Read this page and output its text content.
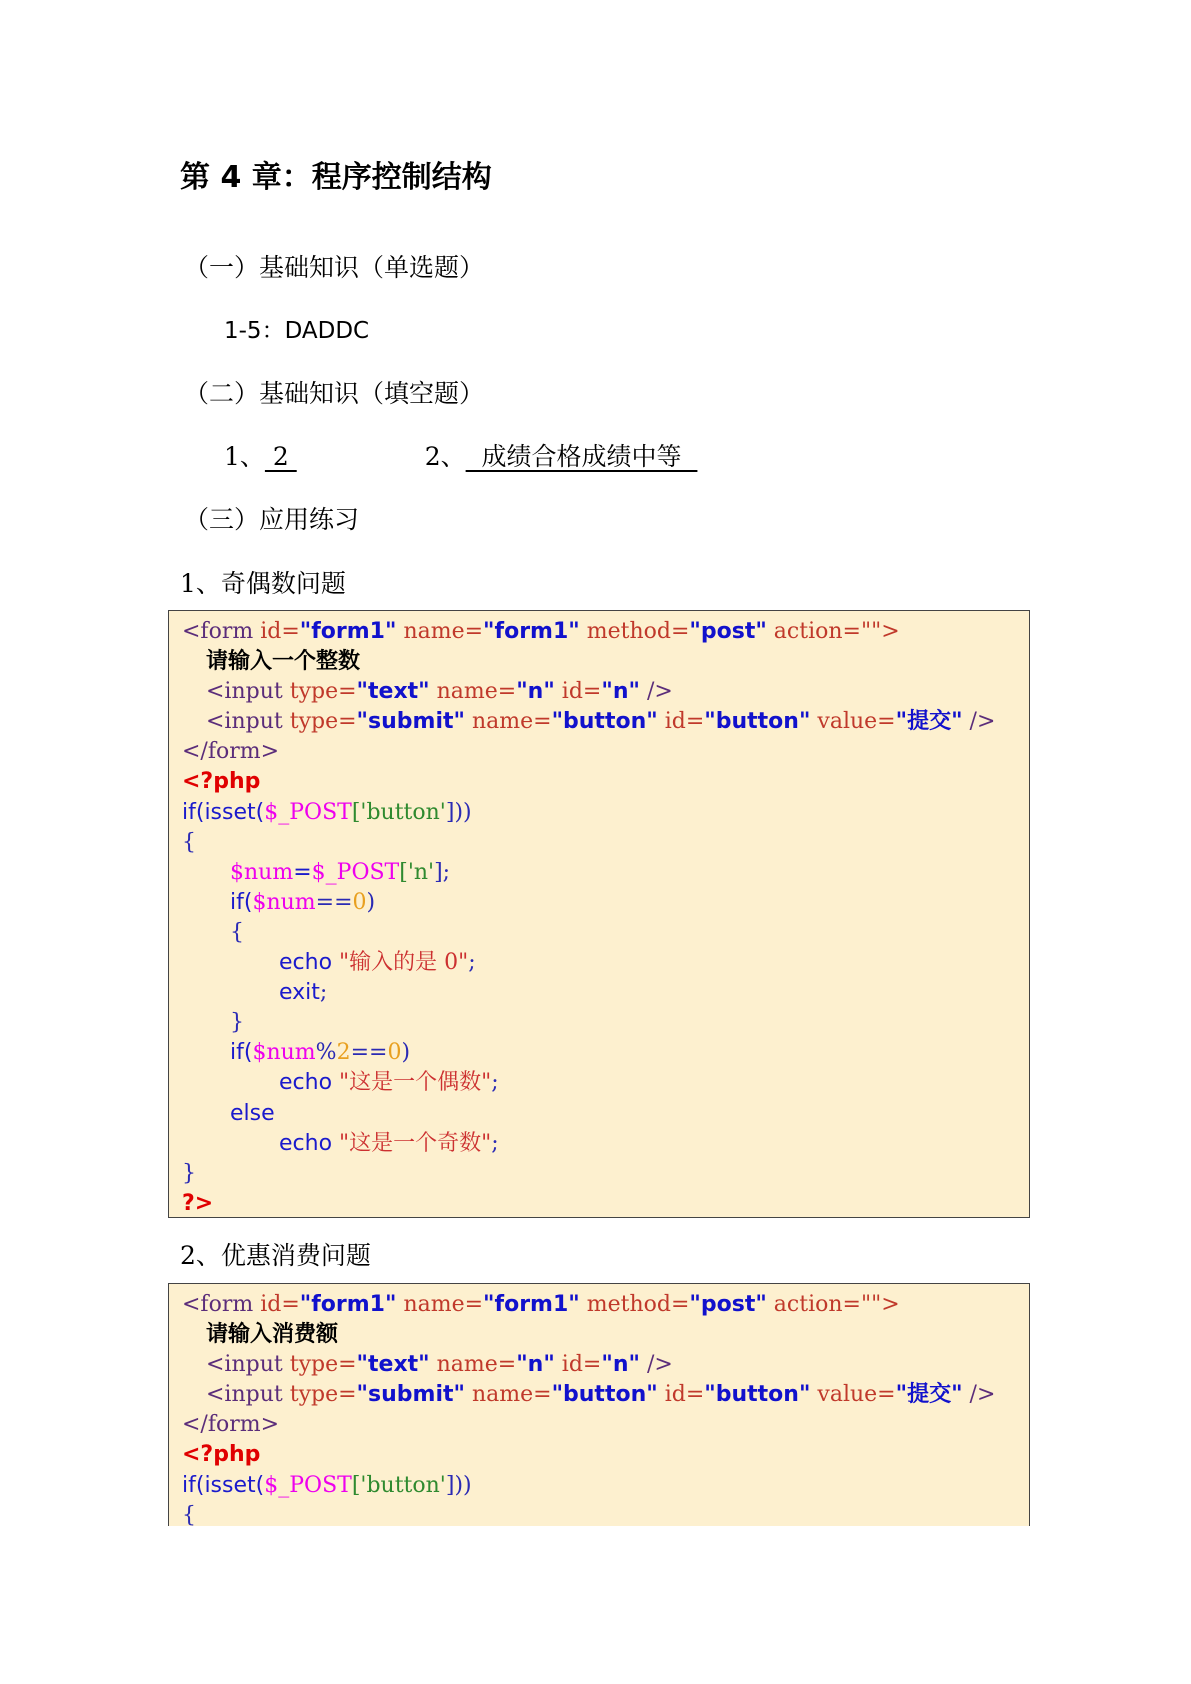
第 4 章：程序控制结构
（一）基础知识（单选题）
1-5：DADDC
（二）基础知识（填空题）
1、 2	2、  成绩合格成绩中等
（三）应用练习
1、奇偶数问题
<form id="form1" name="form1" method="post" action="">
请输入一个整数
<input type="text" name="n" id="n" />
<input type="submit" name="button" id="button" value="提交" />
</form>
<?php
if(isset($_POST['button']))
{
$num=$_POST['n'];
if($num==0)
{
echo "输入的是 0";
exit;
}
if($num%2==0)
echo "这是一个偶数";
else
echo "这是一个奇数";
}
?>
2、优惠消费问题
<form id="form1" name="form1" method="post" action="">
请输入消费额
<input type="text" name="n" id="n" />
<input type="submit" name="button" id="button" value="提交" />
</form>
<?php
if(isset($_POST['button']))
{
